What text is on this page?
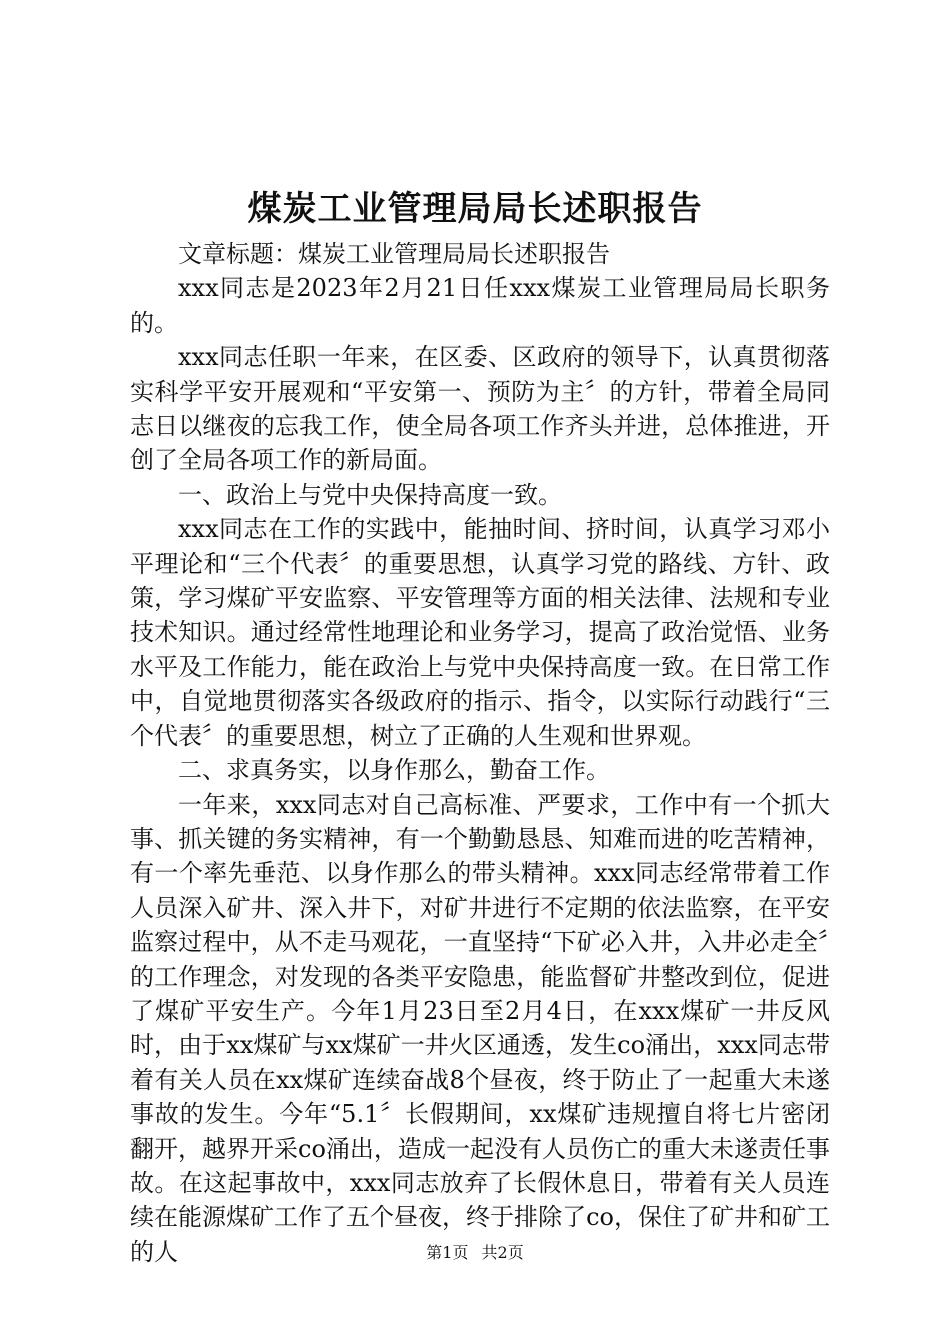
煤炭工业管理局局长述职报告

文章标题：煤炭工业管理局局长述职报告

xxx同志是2023年2月21日任xxx煤炭工业管理局局长职务的。

xxx同志任职一年来，在区委、区政府的领导下，认真贯彻落实科学平安开展观和“平安第一、预防为主〞的方针，带着全局同志日以继夜的忘我工作，使全局各项工作齐头并进，总体推进，开创了全局各项工作的新局面。

一、政治上与党中央保持高度一致。

xxx同志在工作的实践中，能抽时间、挤时间，认真学习邓小平理论和“三个代表〞的重要思想，认真学习党的路线、方针、政策，学习煤矿平安监察、平安管理等方面的相关法律、法规和专业技术知识。通过经常性地理论和业务学习，提高了政治觉悟、业务水平及工作能力，能在政治上与党中央保持高度一致。在日常工作中，自觉地贯彻落实各级政府的指示、指令，以实际行动践行“三个代表〞的重要思想，树立了正确的人生观和世界观。

二、求真务实，以身作那么，勤奋工作。

一年来，xxx同志对自己高标准、严要求，工作中有一个抓大事、抓关键的务实精神，有一个勤勤恳恳、知难而进的吃苦精神，有一个率先垂范、以身作那么的带头精神。xxx同志经常带着工作人员深入矿井、深入井下，对矿井进行不定期的依法监察，在平安监察过程中，从不走马观花，一直坚持“下矿必入井，入井必走全〞的工作理念，对发现的各类平安隐患，能监督矿井整改到位，促进了煤矿平安生产。今年1月23日至2月4日，在xxx煤矿一井反风时，由于xx煤矿与xx煤矿一井火区通透，发生co涌出，xxx同志带着有关人员在xx煤矿连续奋战8个昼夜，终于防止了一起重大未遂事故的发生。今年“5.1〞长假期间，xx煤矿违规擅自将七片密闭翻开，越界开采co涌出，造成一起没有人员伤亡的重大未遂责任事故。在这起事故中，xxx同志放弃了长假休息日，带着有关人员连续在能源煤矿工作了五个昼夜，终于排除了co，保住了矿井和矿工的人	第1页 共2页
